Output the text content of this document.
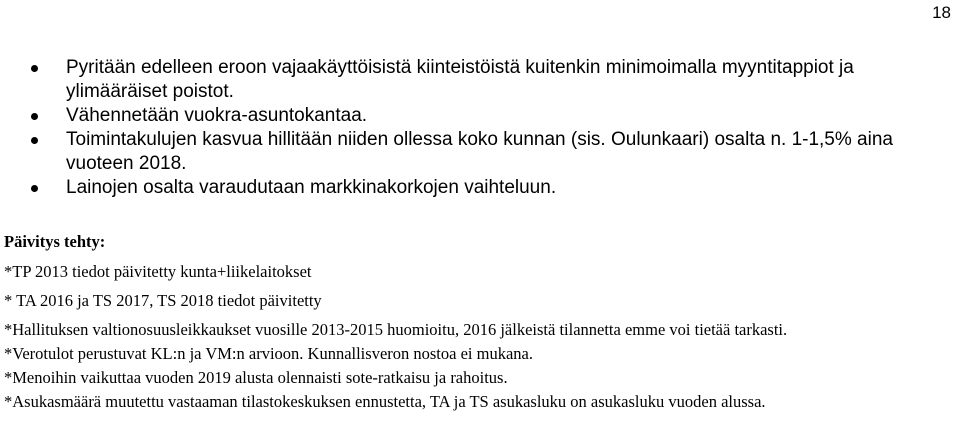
18
Pyritään edelleen eroon vajaakäyttöisistä kiinteistöistä kuitenkin minimoimalla myyntitappiot ja ylimääräiset poistot.
Vähennetään vuokra-asuntokantaa.
Toimintakulujen kasvua hillitään niiden ollessa koko kunnan (sis. Oulunkaari) osalta n. 1-1,5% aina vuoteen 2018.
Lainojen osalta varaudutaan markkinakorkojen vaihteluun.
Päivitys tehty:
*TP 2013 tiedot päivitetty kunta+liikelaitokset
* TA 2016 ja TS 2017, TS 2018 tiedot päivitetty
*Hallituksen valtionosuusleikkaukset vuosille 2013-2015 huomioitu, 2016 jälkeistä tilannetta emme voi tietää tarkasti.
*Verotulot perustuvat KL:n ja VM:n arvioon. Kunnallisveron nostoa ei mukana.
*Menoihin vaikuttaa vuoden 2019 alusta olennaisti sote-ratkaisu ja rahoitus.
*Asukasmäärä muutettu vastaaman tilastokeskuksen ennustetta, TA ja TS asukasluku on asukasluku vuoden alussa.
